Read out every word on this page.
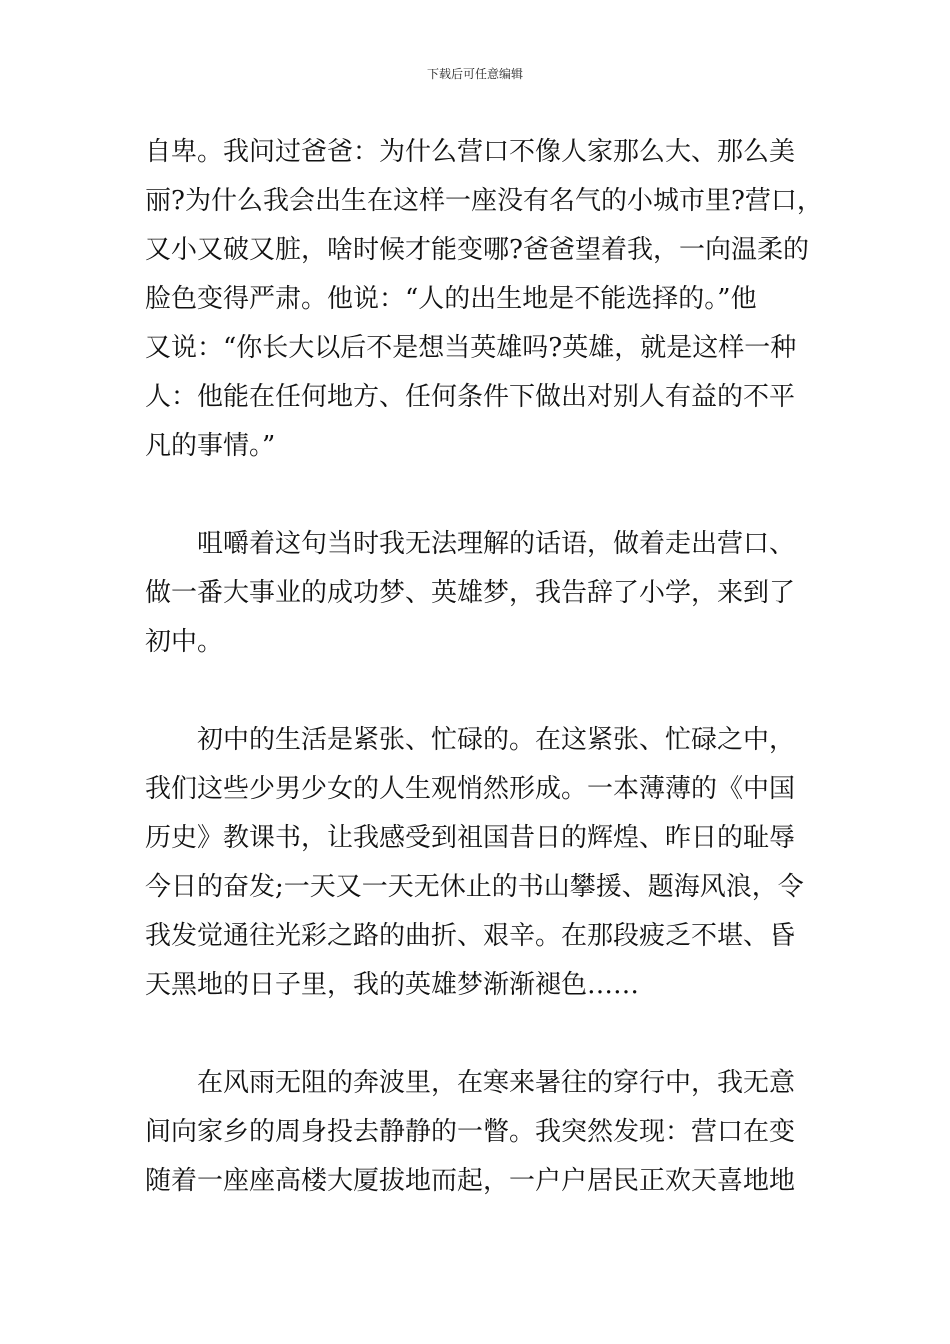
下载后可任意编辑
自卑。我问过爸爸：为什么营口不像人家那么大、那么美
丽?为什么我会出生在这样一座没有名气的小城市里?营口，
又小又破又脏，啥时候才能变哪?爸爸望着我，一向温柔的
脸色变得严肃。他说：“人的出生地是不能选择的。”他
又说：“你长大以后不是想当英雄吗?英雄，就是这样一种
人：他能在任何地方、任何条件下做出对别人有益的不平
凡的事情。”
　　咀嚼着这句当时我无法理解的话语，做着走出营口、
做一番大事业的成功梦、英雄梦，我告辞了小学，来到了
初中。
　　初中的生活是紧张、忙碌的。在这紧张、忙碌之中，
我们这些少男少女的人生观悄然形成。一本薄薄的《中国
历史》教课书，让我感受到祖国昔日的辉煌、昨日的耻辱
今日的奋发;一天又一天无休止的书山攀援、题海风浪，令
我发觉通往光彩之路的曲折、艰辛。在那段疲乏不堪、昏
天黑地的日子里，我的英雄梦渐渐褪色……
　　在风雨无阻的奔波里，在寒来暑往的穿行中，我无意
间向家乡的周身投去静静的一瞥。我突然发现：营口在变
随着一座座高楼大厦拔地而起，一户户居民正欢天喜地地
